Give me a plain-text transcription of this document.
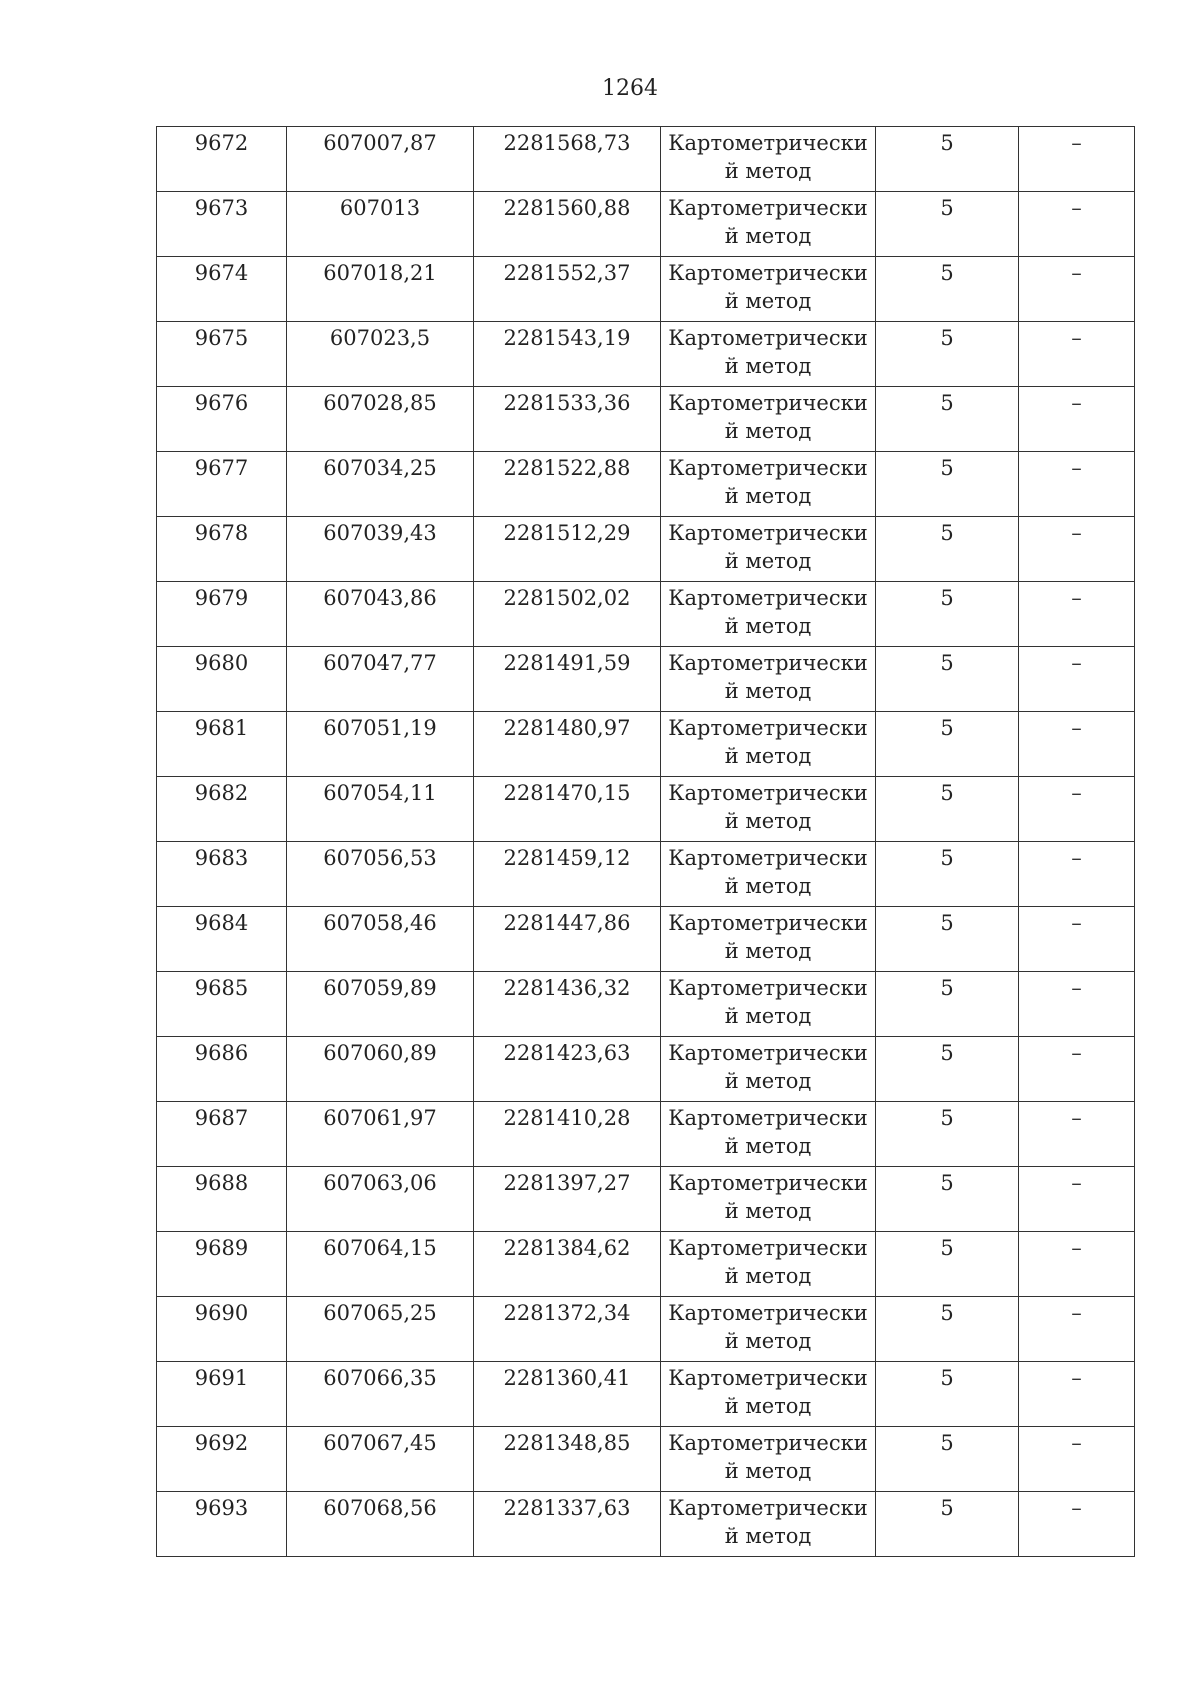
1264
9672	607007,87	2281568,73	Картометрически
й метод	5	–

9673	607013	2281560,88	Картометрически
й метод	5	–

9674	607018,21	2281552,37	Картометрически
й метод	5	–

9675	607023,5	2281543,19	Картометрически
й метод	5	–

9676	607028,85	2281533,36	Картометрически
й метод	5	–

9677	607034,25	2281522,88	Картометрически
й метод	5	–

9678	607039,43	2281512,29	Картометрически
й метод	5	–

9679	607043,86	2281502,02	Картометрически
й метод	5	–

9680	607047,77	2281491,59	Картометрически
й метод	5	–

9681	607051,19	2281480,97	Картометрически
й метод	5	–

9682	607054,11	2281470,15	Картометрически
й метод	5	–

9683	607056,53	2281459,12	Картометрически
й метод	5	–

9684	607058,46	2281447,86	Картометрически
й метод	5	–

9685	607059,89	2281436,32	Картометрически
й метод	5	–

9686	607060,89	2281423,63	Картометрически
й метод	5	–

9687	607061,97	2281410,28	Картометрически
й метод	5	–

9688	607063,06	2281397,27	Картометрически
й метод	5	–

9689	607064,15	2281384,62	Картометрически
й метод	5	–

9690	607065,25	2281372,34	Картометрически
й метод	5	–

9691	607066,35	2281360,41	Картометрически
й метод	5	–

9692	607067,45	2281348,85	Картометрически
й метод	5	–

9693	607068,56	2281337,63	Картометрически
й метод	5	–
